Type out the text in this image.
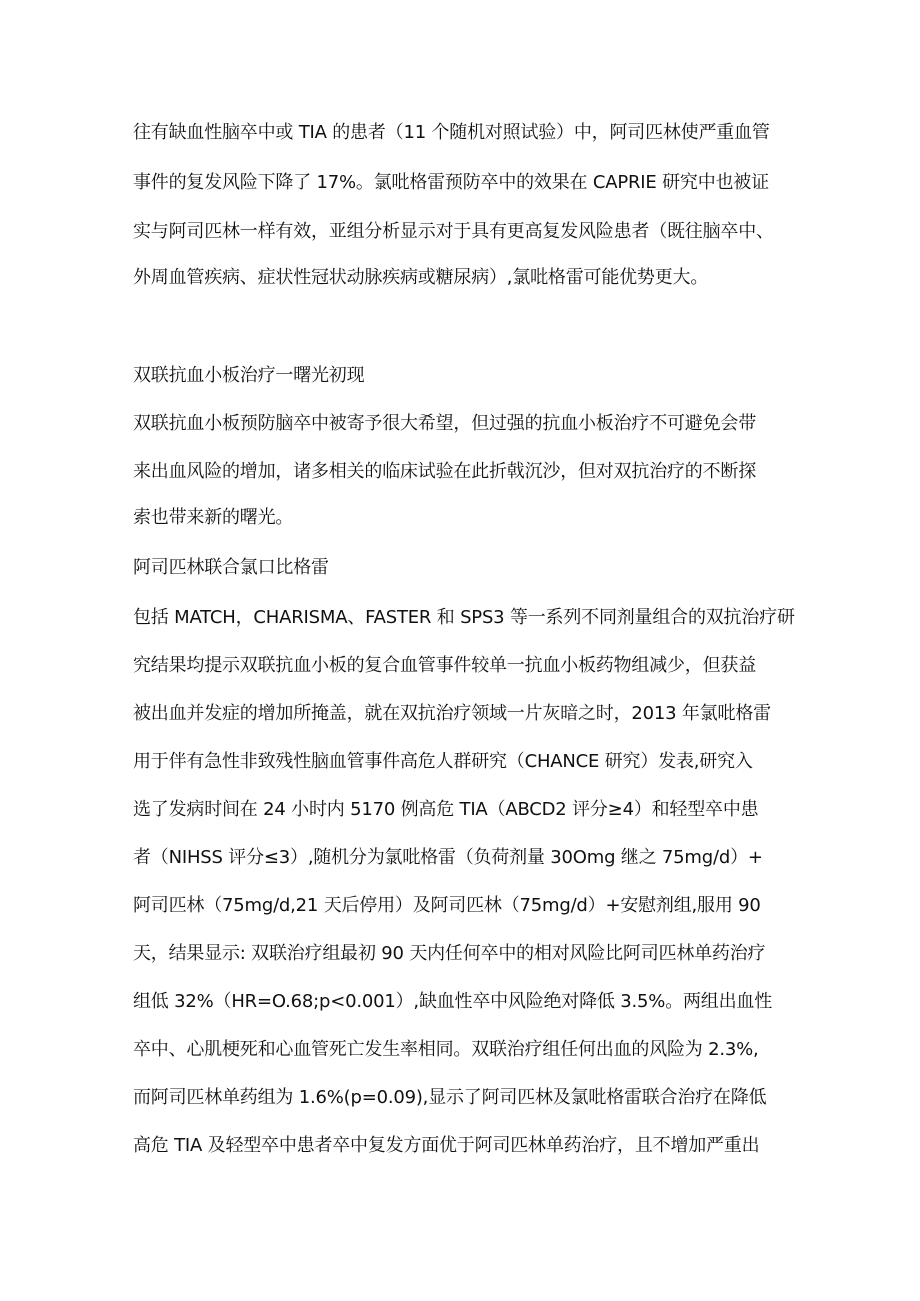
往有缺血性脑卒中或 TIA 的患者（11 个随机对照试验）中，阿司匹林使严重血管
事件的复发风险下降了 17%。氯吡格雷预防卒中的效果在 CAPRIE 研究中也被证
实与阿司匹林一样有效，亚组分析显示对于具有更高复发风险患者（既往脑卒中、
外周血管疾病、症状性冠状动脉疾病或糖尿病）,氯吡格雷可能优势更大。
双联抗血小板治疗一曙光初现
双联抗血小板预防脑卒中被寄予很大希望，但过强的抗血小板治疗不可避免会带
来出血风险的增加，诸多相关的临床试验在此折戟沉沙，但对双抗治疗的不断探
索也带来新的曙光。
阿司匹林联合氯口比格雷
包括 MATCH，CHARISMA、FASTER 和 SPS3 等一系列不同剂量组合的双抗治疗研
究结果均提示双联抗血小板的复合血管事件较单一抗血小板药物组减少，但获益
被出血并发症的增加所掩盖，就在双抗治疗领域一片灰暗之时，2013 年氯吡格雷
用于伴有急性非致残性脑血管事件高危人群研究（CHANCE 研究）发表,研究入
选了发病时间在 24 小时内 5170 例高危 TIA（ABCD2 评分≥4）和轻型卒中患
者（NIHSS 评分≤3）,随机分为氯吡格雷（负荷剂量 30Omg 继之 75mg∕d）+
阿司匹林（75mg∕d,21 天后停用）及阿司匹林（75mg∕d）+安慰剂组,服用 90
天，结果显示: 双联治疗组最初 90 天内任何卒中的相对风险比阿司匹林单药治疗
组低 32%（HR=O.68;p<0.001）,缺血性卒中风险绝对降低 3.5%。两组出血性
卒中、心肌梗死和心血管死亡发生率相同。双联治疗组任何出血的风险为 2.3%,
而阿司匹林单药组为 1.6%(p=0.09),显示了阿司匹林及氯吡格雷联合治疗在降低
高危 TIA 及轻型卒中患者卒中复发方面优于阿司匹林单药治疗，且不增加严重出
